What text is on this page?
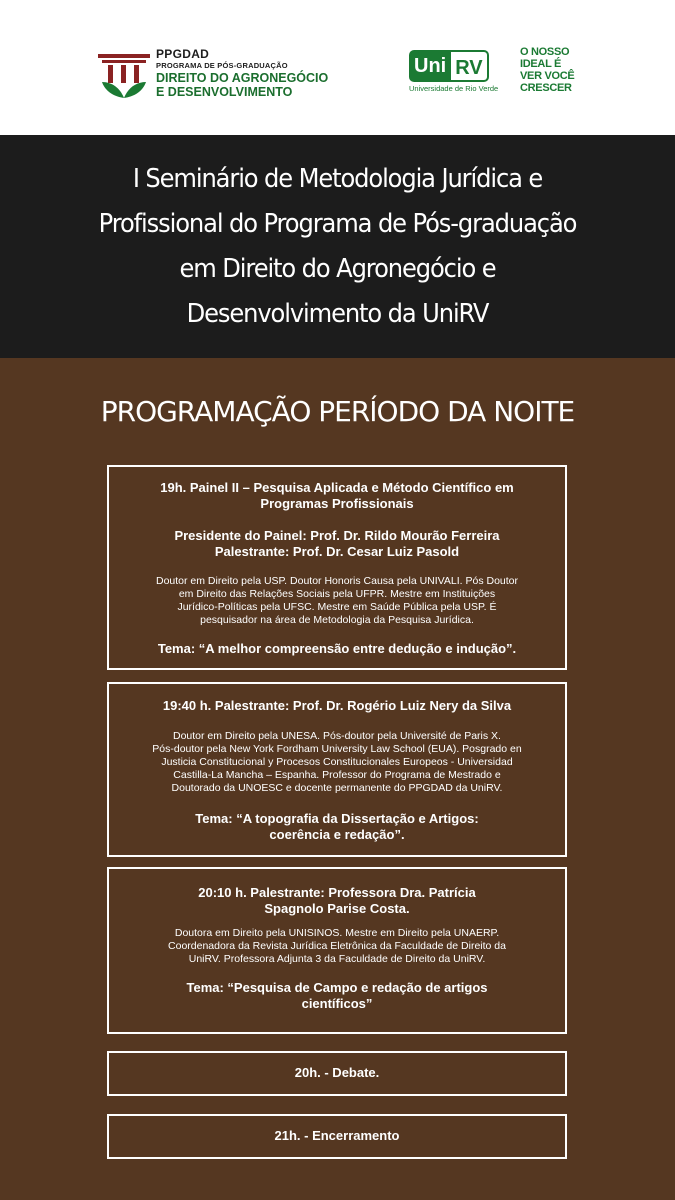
PPGDAD
PROGRAMA DE PÓS-GRADUAÇÃO
DIREITO DO AGRONEGÓCIO
E DESENVOLVIMENTO
Uni RV
Universidade de Rio Verde
O NOSSO
IDEAL É
VER VOCÊ
CRESCER
I Seminário de Metodologia Jurídica e
Profissional do Programa de Pós-graduação
em Direito do Agronegócio e
Desenvolvimento da UniRV
PROGRAMAÇÃO PERÍODO DA NOITE
19h. Painel II – Pesquisa Aplicada e Método Científico em
Programas Profissionais
Presidente do Painel: Prof. Dr. Rildo Mourão Ferreira
Palestrante: Prof. Dr. Cesar Luiz Pasold
Doutor em Direito pela USP. Doutor Honoris Causa pela UNIVALI. Pós Doutor
em Direito das Relações Sociais pela UFPR. Mestre em Instituições
Jurídico-Políticas pela UFSC. Mestre em Saúde Pública pela USP. É
pesquisador na área de Metodologia da Pesquisa Jurídica.
Tema: “A melhor compreensão entre dedução e indução”.
19:40 h. Palestrante: Prof. Dr. Rogério Luiz Nery da Silva
Doutor em Direito pela UNESA. Pós-doutor pela Université de Paris X.
Pós-doutor pela New York Fordham University Law School (EUA). Posgrado en
Justicia Constitucional y Procesos Constitucionales Europeos - Universidad
Castilla-La Mancha – Espanha. Professor do Programa de Mestrado e
Doutorado da UNOESC e docente permanente do PPGDAD da UniRV.
Tema: “A topografia da Dissertação e Artigos:
coerência e redação”.
20:10 h. Palestrante: Professora Dra. Patrícia
Spagnolo Parise Costa.
Doutora em Direito pela UNISINOS. Mestre em Direito pela UNAERP.
Coordenadora da Revista Jurídica Eletrônica da Faculdade de Direito da
UniRV. Professora Adjunta 3 da Faculdade de Direito da UniRV.
Tema: “Pesquisa de Campo e redação de artigos
científicos”
20h. - Debate.
21h. - Encerramento
